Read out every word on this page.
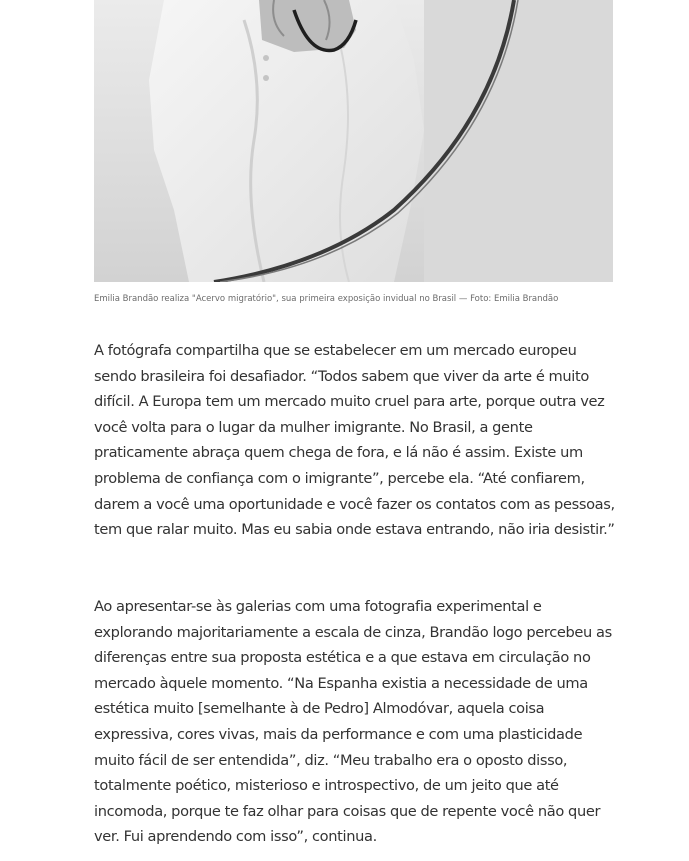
Emilia Brandão realiza "Acervo migratório", sua primeira exposição invidual no Brasil — Foto: Emilia Brandão

A fotógrafa compartilha que se estabelecer em um mercado europeu sendo brasileira foi desafiador. “Todos sabem que viver da arte é muito difícil. A Europa tem um mercado muito cruel para arte, porque outra vez você volta para o lugar da mulher imigrante. No Brasil, a gente praticamente abraça quem chega de fora, e lá não é assim. Existe um problema de confiança com o imigrante”, percebe ela. “Até confiarem, darem a você uma oportunidade e você fazer os contatos com as pessoas, tem que ralar muito. Mas eu sabia onde estava entrando, não iria desistir.”

Ao apresentar-se às galerias com uma fotografia experimental e explorando majoritariamente a escala de cinza, Brandão logo percebeu as diferenças entre sua proposta estética e a que estava em circulação no mercado àquele momento. “Na Espanha existia a necessidade de uma estética muito [semelhante à de Pedro] Almodóvar, aquela coisa expressiva, cores vivas, mais da performance e com uma plasticidade muito fácil de ser entendida”, diz. “Meu trabalho era o oposto disso, totalmente poético, misterioso e introspectivo, de um jeito que até incomoda, porque te faz olhar para coisas que de repente você não quer ver. Fui aprendendo com isso”, continua.
